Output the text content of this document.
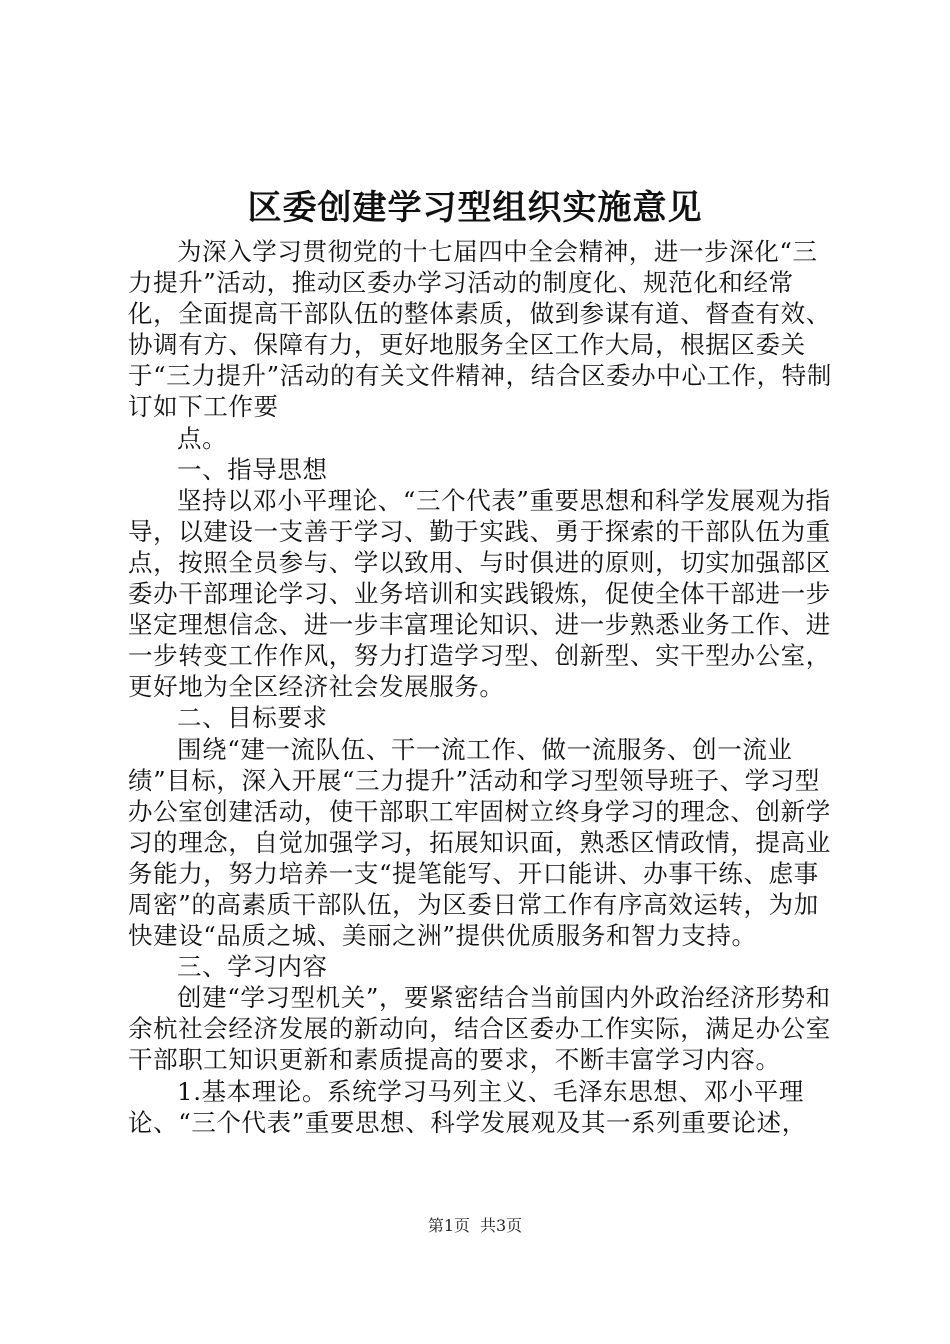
区委创建学习型组织实施意见

为深入学习贯彻党的十七届四中全会精神，进一步深化“三力提升”活动，推动区委办学习活动的制度化、规范化和经常化，全面提高干部队伍的整体素质，做到参谋有道、督查有效、协调有方、保障有力，更好地服务全区工作大局，根据区委关于“三力提升”活动的有关文件精神，结合区委办中心工作，特制订如下工作要

点。

一、指导思想

坚持以邓小平理论、“三个代表”重要思想和科学发展观为指导，以建设一支善于学习、勤于实践、勇于探索的干部队伍为重点，按照全员参与、学以致用、与时俱进的原则，切实加强部区委办干部理论学习、业务培训和实践锻炼，促使全体干部进一步坚定理想信念、进一步丰富理论知识、进一步熟悉业务工作、进一步转变工作作风，努力打造学习型、创新型、实干型办公室，更好地为全区经济社会发展服务。

二、目标要求

围绕“建一流队伍、干一流工作、做一流服务、创一流业绩”目标，深入开展“三力提升”活动和学习型领导班子、学习型办公室创建活动，使干部职工牢固树立终身学习的理念、创新学习的理念，自觉加强学习，拓展知识面，熟悉区情政情，提高业务能力，努力培养一支“提笔能写、开口能讲、办事干练、虑事周密”的高素质干部队伍，为区委日常工作有序高效运转，为加快建设“品质之城、美丽之洲”提供优质服务和智力支持。

三、学习内容

创建“学习型机关”，要紧密结合当前国内外政治经济形势和余杭社会经济发展的新动向，结合区委办工作实际，满足办公室干部职工知识更新和素质提高的要求，不断丰富学习内容。

1.基本理论。系统学习马列主义、毛泽东思想、邓小平理论、“三个代表”重要思想、科学发展观及其一系列重要论述，

第1页 共3页
